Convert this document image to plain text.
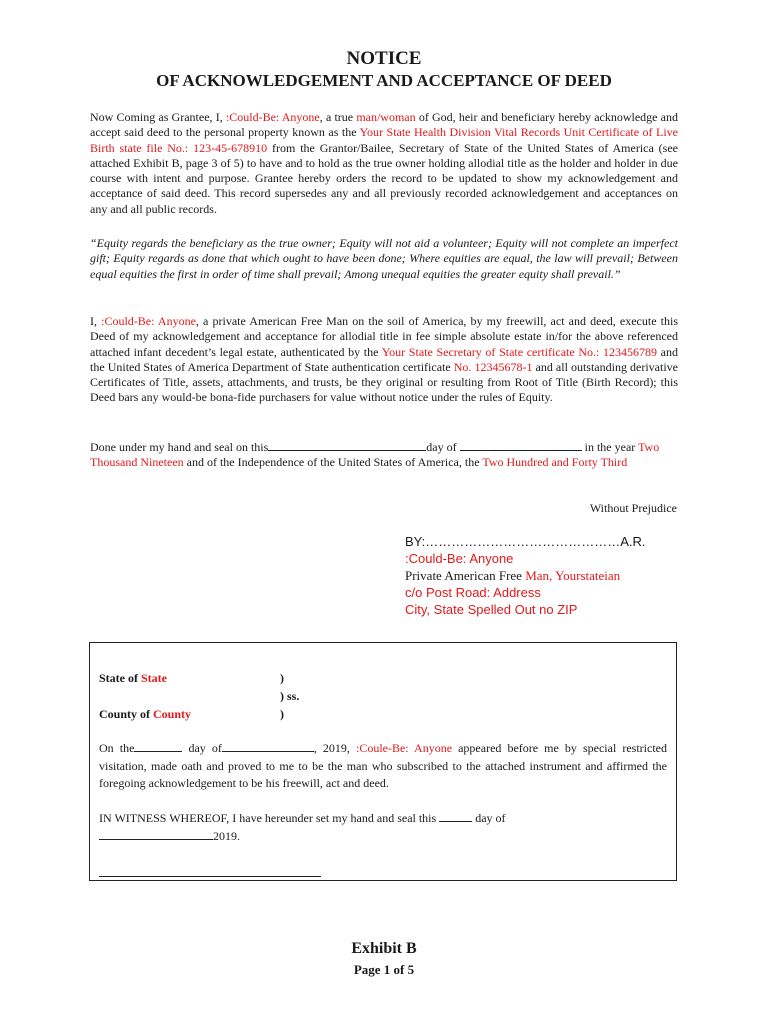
NOTICE
OF ACKNOWLEDGEMENT AND ACCEPTANCE OF DEED
Now Coming as Grantee, I, :Could-Be: Anyone, a true man/woman of God, heir and beneficiary hereby acknowledge and accept said deed to the personal property known as the Your State Health Division Vital Records Unit Certificate of Live Birth state file No.: 123-45-678910 from the Grantor/Bailee, Secretary of State of the United States of America (see attached Exhibit B, page 3 of 5) to have and to hold as the true owner holding allodial title as the holder and holder in due course with intent and purpose. Grantee hereby orders the record to be updated to show my acknowledgement and acceptance of said deed. This record supersedes any and all previously recorded acknowledgement and acceptances on any and all public records.
“Equity regards the beneficiary as the true owner; Equity will not aid a volunteer; Equity will not complete an imperfect gift; Equity regards as done that which ought to have been done; Where equities are equal, the law will prevail; Between equal equities the first in order of time shall prevail; Among unequal equities the greater equity shall prevail.”
I, :Could-Be: Anyone, a private American Free Man on the soil of America, by my freewill, act and deed, execute this Deed of my acknowledgement and acceptance for allodial title in fee simple absolute estate in/for the above referenced attached infant decedent’s legal estate, authenticated by the Your State Secretary of State certificate No.: 123456789 and the United States of America Department of State authentication certificate No. 12345678-1 and all outstanding derivative Certificates of Title, assets, attachments, and trusts, be they original or resulting from Root of Title (Birth Record); this Deed bars any would-be bona-fide purchasers for value without notice under the rules of Equity.
Done under my hand and seal on this	day of	in the year Two Thousand Nineteen and of the Independence of the United States of America, the Two Hundred and Forty Third
Without Prejudice
BY:………………………………………A.R.
:Could-Be: Anyone
Private American Free Man, Yourstateian
c/o Post Road: Address
City, State Spelled Out no ZIP
State of State	)
) ss.
County of County	)
On the	day of	, 2019, :Coule-Be: Anyone appeared before me by special restricted visitation, made oath and proved to me to be the man who subscribed to the attached instrument and affirmed the foregoing acknowledgement to be his freewill, act and deed.
IN WITNESS WHEREOF, I have hereunder set my hand and seal this	day of
2019.
Exhibit B
Page 1 of 5
